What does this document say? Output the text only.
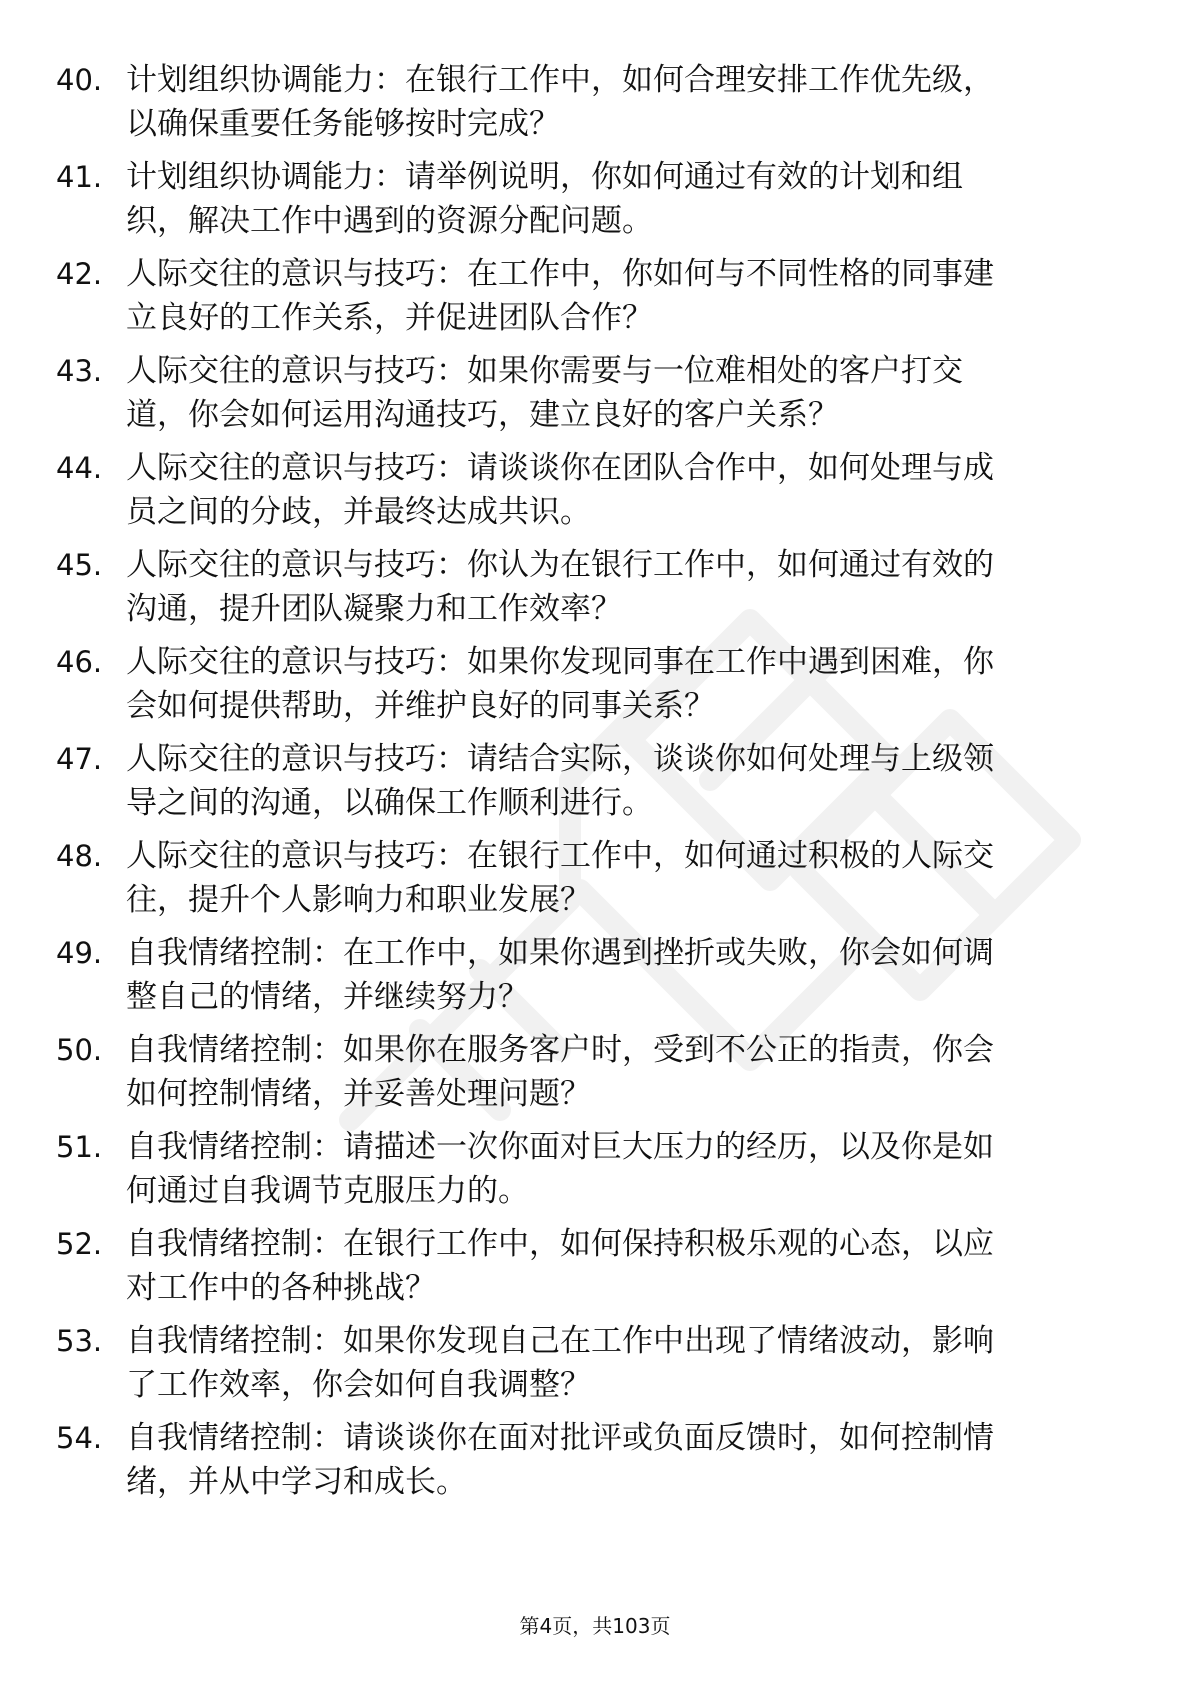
40. 计划组织协调能力：在银行工作中，如何合理安排工作优先级，
以确保重要任务能够按时完成？
41. 计划组织协调能力：请举例说明，你如何通过有效的计划和组
织，解决工作中遇到的资源分配问题。
42. 人际交往的意识与技巧：在工作中，你如何与不同性格的同事建
立良好的工作关系，并促进团队合作？
43. 人际交往的意识与技巧：如果你需要与一位难相处的客户打交
道，你会如何运用沟通技巧，建立良好的客户关系？
44. 人际交往的意识与技巧：请谈谈你在团队合作中，如何处理与成
员之间的分歧，并最终达成共识。
45. 人际交往的意识与技巧：你认为在银行工作中，如何通过有效的
沟通，提升团队凝聚力和工作效率？
46. 人际交往的意识与技巧：如果你发现同事在工作中遇到困难，你
会如何提供帮助，并维护良好的同事关系？
47. 人际交往的意识与技巧：请结合实际，谈谈你如何处理与上级领
导之间的沟通，以确保工作顺利进行。
48. 人际交往的意识与技巧：在银行工作中，如何通过积极的人际交
往，提升个人影响力和职业发展？
49. 自我情绪控制：在工作中，如果你遇到挫折或失败，你会如何调
整自己的情绪，并继续努力？
50. 自我情绪控制：如果你在服务客户时，受到不公正的指责，你会
如何控制情绪，并妥善处理问题？
51. 自我情绪控制：请描述一次你面对巨大压力的经历，以及你是如
何通过自我调节克服压力的。
52. 自我情绪控制：在银行工作中，如何保持积极乐观的心态，以应
对工作中的各种挑战？
53. 自我情绪控制：如果你发现自己在工作中出现了情绪波动，影响
了工作效率，你会如何自我调整？
54. 自我情绪控制：请谈谈你在面对批评或负面反馈时，如何控制情
绪，并从中学习和成长。
第4页，共103页
